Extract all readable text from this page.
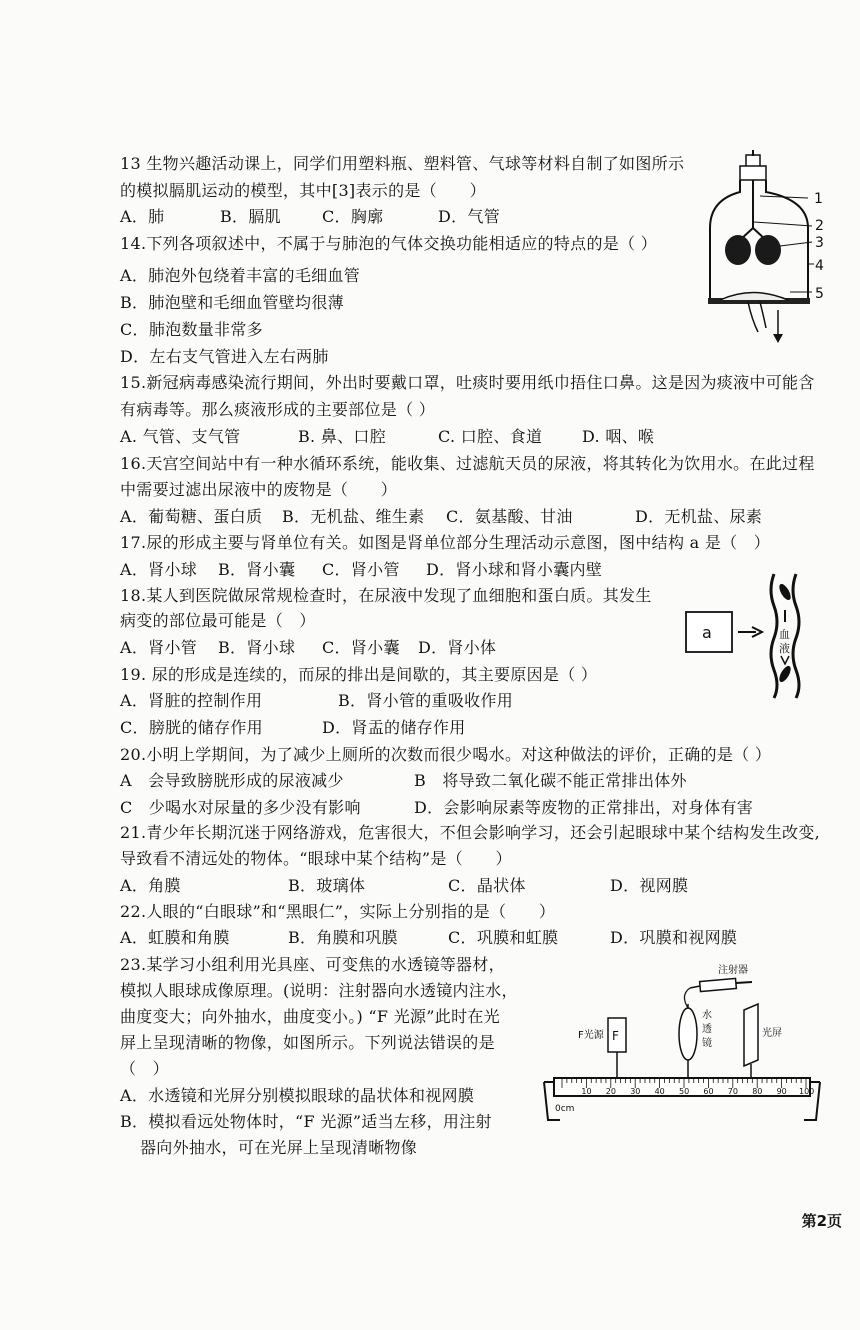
13 生物兴趣活动课上，同学们用塑料瓶、塑料管、气球等材料自制了如图所示
的模拟膈肌运动的模型，其中[3]表示的是（　　）
A．肺	B．膈肌	C．胸廓	D．气管
1
2
3
4
5
14.下列各项叙述中，不属于与肺泡的气体交换功能相适应的特点的是（ ）
A．肺泡外包绕着丰富的毛细血管
B．肺泡壁和毛细血管壁均很薄
C．肺泡数量非常多
D．左右支气管进入左右两肺
15.新冠病毒感染流行期间，外出时要戴口罩，吐痰时要用纸巾捂住口鼻。这是因为痰液中可能含
有病毒等。那么痰液形成的主要部位是（ ）
A. 气管、支气管	B. 鼻、口腔	C. 口腔、食道 D. 咽、喉
16.天宫空间站中有一种水循环系统，能收集、过滤航天员的尿液，将其转化为饮用水。在此过程
中需要过滤出尿液中的废物是（　　）
A．葡萄糖、蛋白质 B．无机盐、维生素 C．氨基酸、甘油	D．无机盐、尿素
17.尿的形成主要与肾单位有关。如图是肾单位部分生理活动示意图，图中结构 a 是（　）
A．肾小球 B．肾小囊 C．肾小管 D．肾小球和肾小囊内壁
a	血
液
18.某人到医院做尿常规检查时，在尿液中发现了血细胞和蛋白质。其发生
病变的部位最可能是（　）
A．肾小管 B．肾小球 C．肾小囊 D．肾小体
19. 尿的形成是连续的，而尿的排出是间歇的，其主要原因是（ ）
A．肾脏的控制作用	B．肾小管的重吸收作用
C．膀胱的储存作用	D．肾盂的储存作用
20.小明上学期间，为了减少上厕所的次数而很少喝水。对这种做法的评价，正确的是（ ）
A　会导致膀胱形成的尿液减少	B　将导致二氧化碳不能正常排出体外
C　少喝水对尿量的多少没有影响	D．会影响尿素等废物的正常排出，对身体有害
21.青少年长期沉迷于网络游戏，危害很大，不但会影响学习，还会引起眼球中某个结构发生改变,
导致看不清远处的物体。“眼球中某个结构”是（　　）
A．角膜	B．玻璃体	C．晶状体	D．视网膜
22.人眼的“白眼球”和“黑眼仁”，实际上分别指的是（　　）
A．虹膜和角膜	B．角膜和巩膜	C．巩膜和虹膜	D．巩膜和视网膜
23.某学习小组利用光具座、可变焦的水透镜等器材，
模拟人眼球成像原理。(说明：注射器向水透镜内注水，
曲度变大；向外抽水，曲度变小。) “F 光源”此时在光
屏上呈现清晰的物像，如图所示。下列说法错误的是
（　）
A．水透镜和光屏分别模拟眼球的晶状体和视网膜
B．模拟看远处物体时，“F 光源”适当左移，用注射
器向外抽水，可在光屏上呈现清晰物像
注射器
F光源 F
水
透
镜
光屏
0cm
10 20 30 40 50 60 70 80 90 100
第2页
